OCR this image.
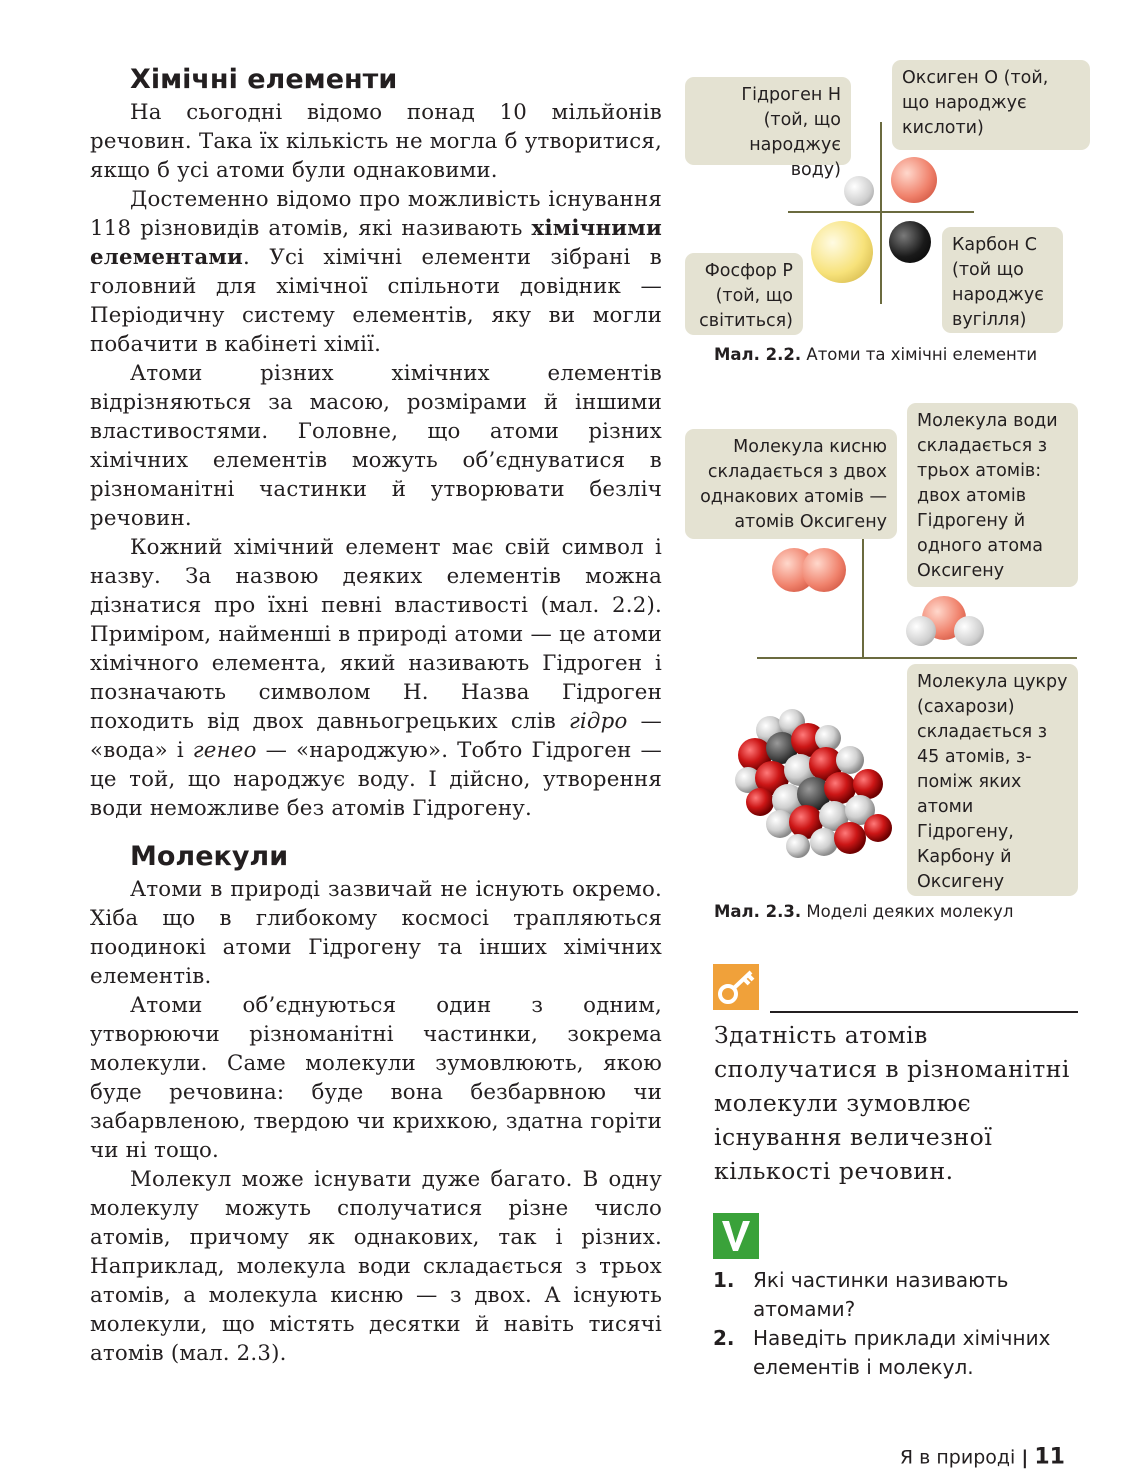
Хімічні елементи

На сьогодні відомо понад 10 мільйонів речовин. Така їх кількість не могла б утворитися, якщо б усі атоми були однаковими.

Достеменно відомо про можливість існування 118 різновидів атомів, які називають хімічними елементами. Усі хімічні елементи зібрані в головний для хімічної спільноти довідник — Періодичну систему елементів, яку ви могли побачити в кабінеті хімії.

Атоми різних хімічних елементів відрізняються за масою, розмірами й іншими властивостями. Головне, що атоми різних хімічних елементів можуть об’єднуватися в різноманітні частинки й утворювати безліч речовин.

Кожний хімічний елемент має свій символ і назву. За назвою деяких елементів можна дізнатися про їхні певні властивості (мал. 2.2). Приміром, найменші в природі атоми — це атоми хімічного елемента, який називають Гідроген і позначають символом H. Назва Гідроген походить від двох давньогрецьких слів гідро — «вода» і генео — «народжую». Тобто Гідроген — це той, що народжує воду. І дійсно, утворення води неможливе без атомів Гідрогену.

Молекули

Атоми в природі зазвичай не існують окремо. Хіба що в глибокому космосі трапляються поодинокі атоми Гідрогену та інших хімічних елементів.

Атоми об’єднуються один з одним, утворюючи різноманітні частинки, зокрема молекули. Саме молекули зумовлюють, якою буде речовина: буде вона безбарвною чи забарвленою, твердою чи крихкою, здатна горіти чи ні тощо.

Молекул може існувати дуже багато. В одну молекулу можуть сполучатися різне число атомів, причому як однакових, так і різних. Наприклад, молекула води складається з трьох атомів, а молекула кисню — з двох. А існують молекули, що містять десятки й навіть тисячі атомів (мал. 2.3).

Гідроген H (той, що народжує воду)
Оксиген O (той, що народжує кислоти)
Фосфор P (той, що світиться)
Карбон C (той що народжує вугілля)
Мал. 2.2. Атоми та хімічні елементи
Молекула кисню складається з двох однакових атомів — атомів Оксигену
Молекула води складається з трьох атомів: двох атомів Гідрогену й одного атома Оксигену
Молекула цукру (сахарози) складається з 45 атомів, з-поміж яких атоми Гідрогену, Карбону й Оксигену
Мал. 2.3. Моделі деяких молекул
Здатність атомів сполучатися в різноманітні молекули зумовлює існування величезної кількості речовин.
1. Які частинки називають атомами?
2. Наведіть приклади хімічних елементів і молекул.
Я в природі | 11
